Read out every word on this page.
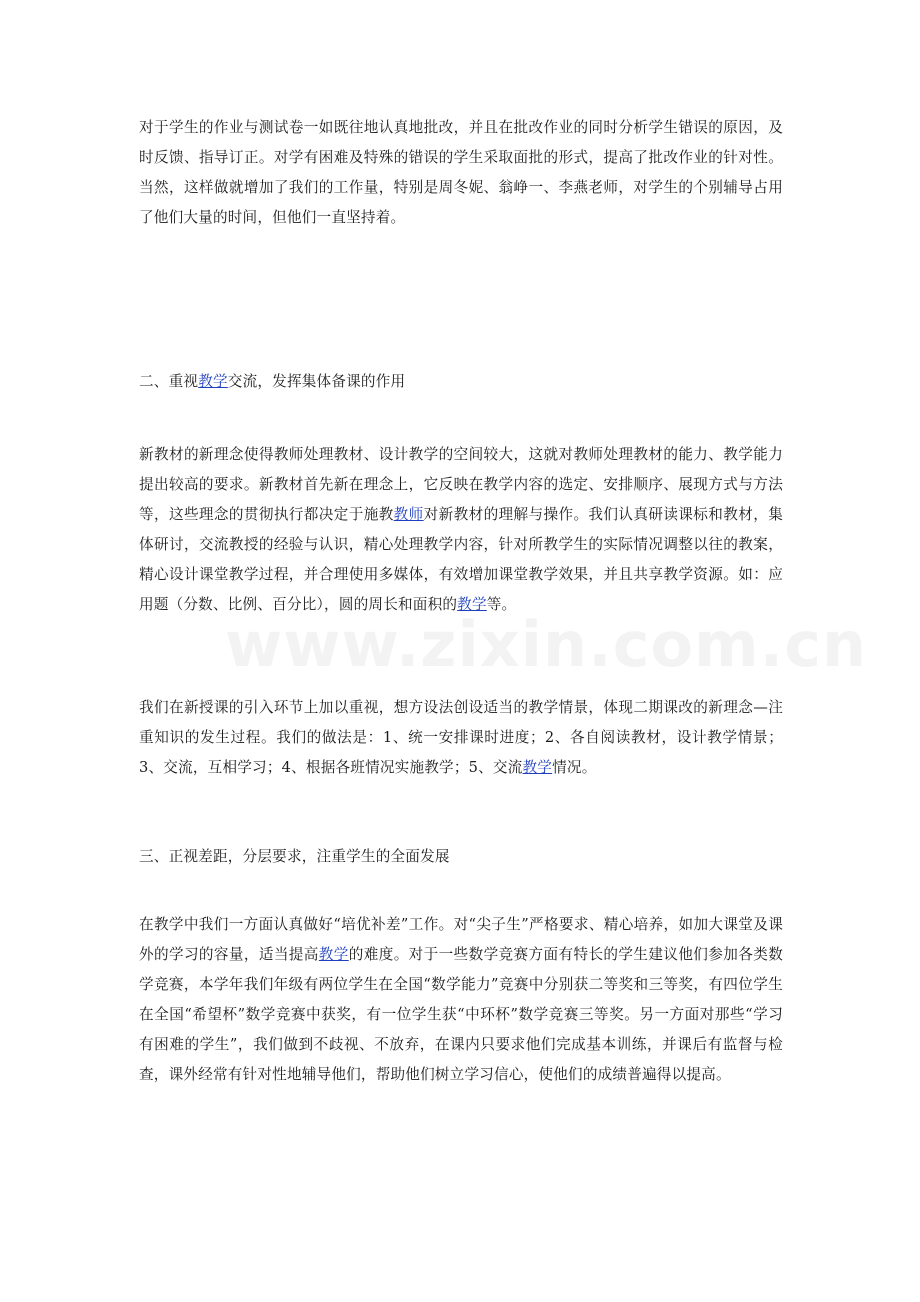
www.zixin.com.cn

对于学生的作业与测试卷一如既往地认真地批改，并且在批改作业的同时分析学生错误的原因，及时反馈、指导订正。对学有困难及特殊的错误的学生采取面批的形式，提高了批改作业的针对性。当然，这样做就增加了我们的工作量，特别是周冬妮、翁峥一、李燕老师，对学生的个别辅导占用了他们大量的时间，但他们一直坚持着。

二、重视教学交流，发挥集体备课的作用

新教材的新理念使得教师处理教材、设计教学的空间较大，这就对教师处理教材的能力、教学能力提出较高的要求。新教材首先新在理念上，它反映在教学内容的选定、安排顺序、展现方式与方法等，这些理念的贯彻执行都决定于施教教师对新教材的理解与操作。我们认真研读课标和教材，集体研讨，交流教授的经验与认识，精心处理教学内容，针对所教学生的实际情况调整以往的教案，精心设计课堂教学过程，并合理使用多媒体，有效增加课堂教学效果，并且共享教学资源。如：应用题（分数、比例、百分比），圆的周长和面积的教学等。

我们在新授课的引入环节上加以重视，想方设法创设适当的教学情景，体现二期课改的新理念—注重知识的发生过程。我们的做法是：1、统一安排课时进度；2、各自阅读教材，设计教学情景；3、交流，互相学习；4、根据各班情况实施教学；5、交流教学情况。

三、正视差距，分层要求，注重学生的全面发展

在教学中我们一方面认真做好“培优补差”工作。对“尖子生”严格要求、精心培养，如加大课堂及课外的学习的容量，适当提高教学的难度。对于一些数学竞赛方面有特长的学生建议他们参加各类数学竞赛，本学年我们年级有两位学生在全国“数学能力”竞赛中分别获二等奖和三等奖，有四位学生在全国“希望杯”数学竞赛中获奖，有一位学生获“中环杯”数学竞赛三等奖。另一方面对那些“学习有困难的学生”，我们做到不歧视、不放弃，在课内只要求他们完成基本训练，并课后有监督与检查，课外经常有针对性地辅导他们，帮助他们树立学习信心，使他们的成绩普遍得以提高。
